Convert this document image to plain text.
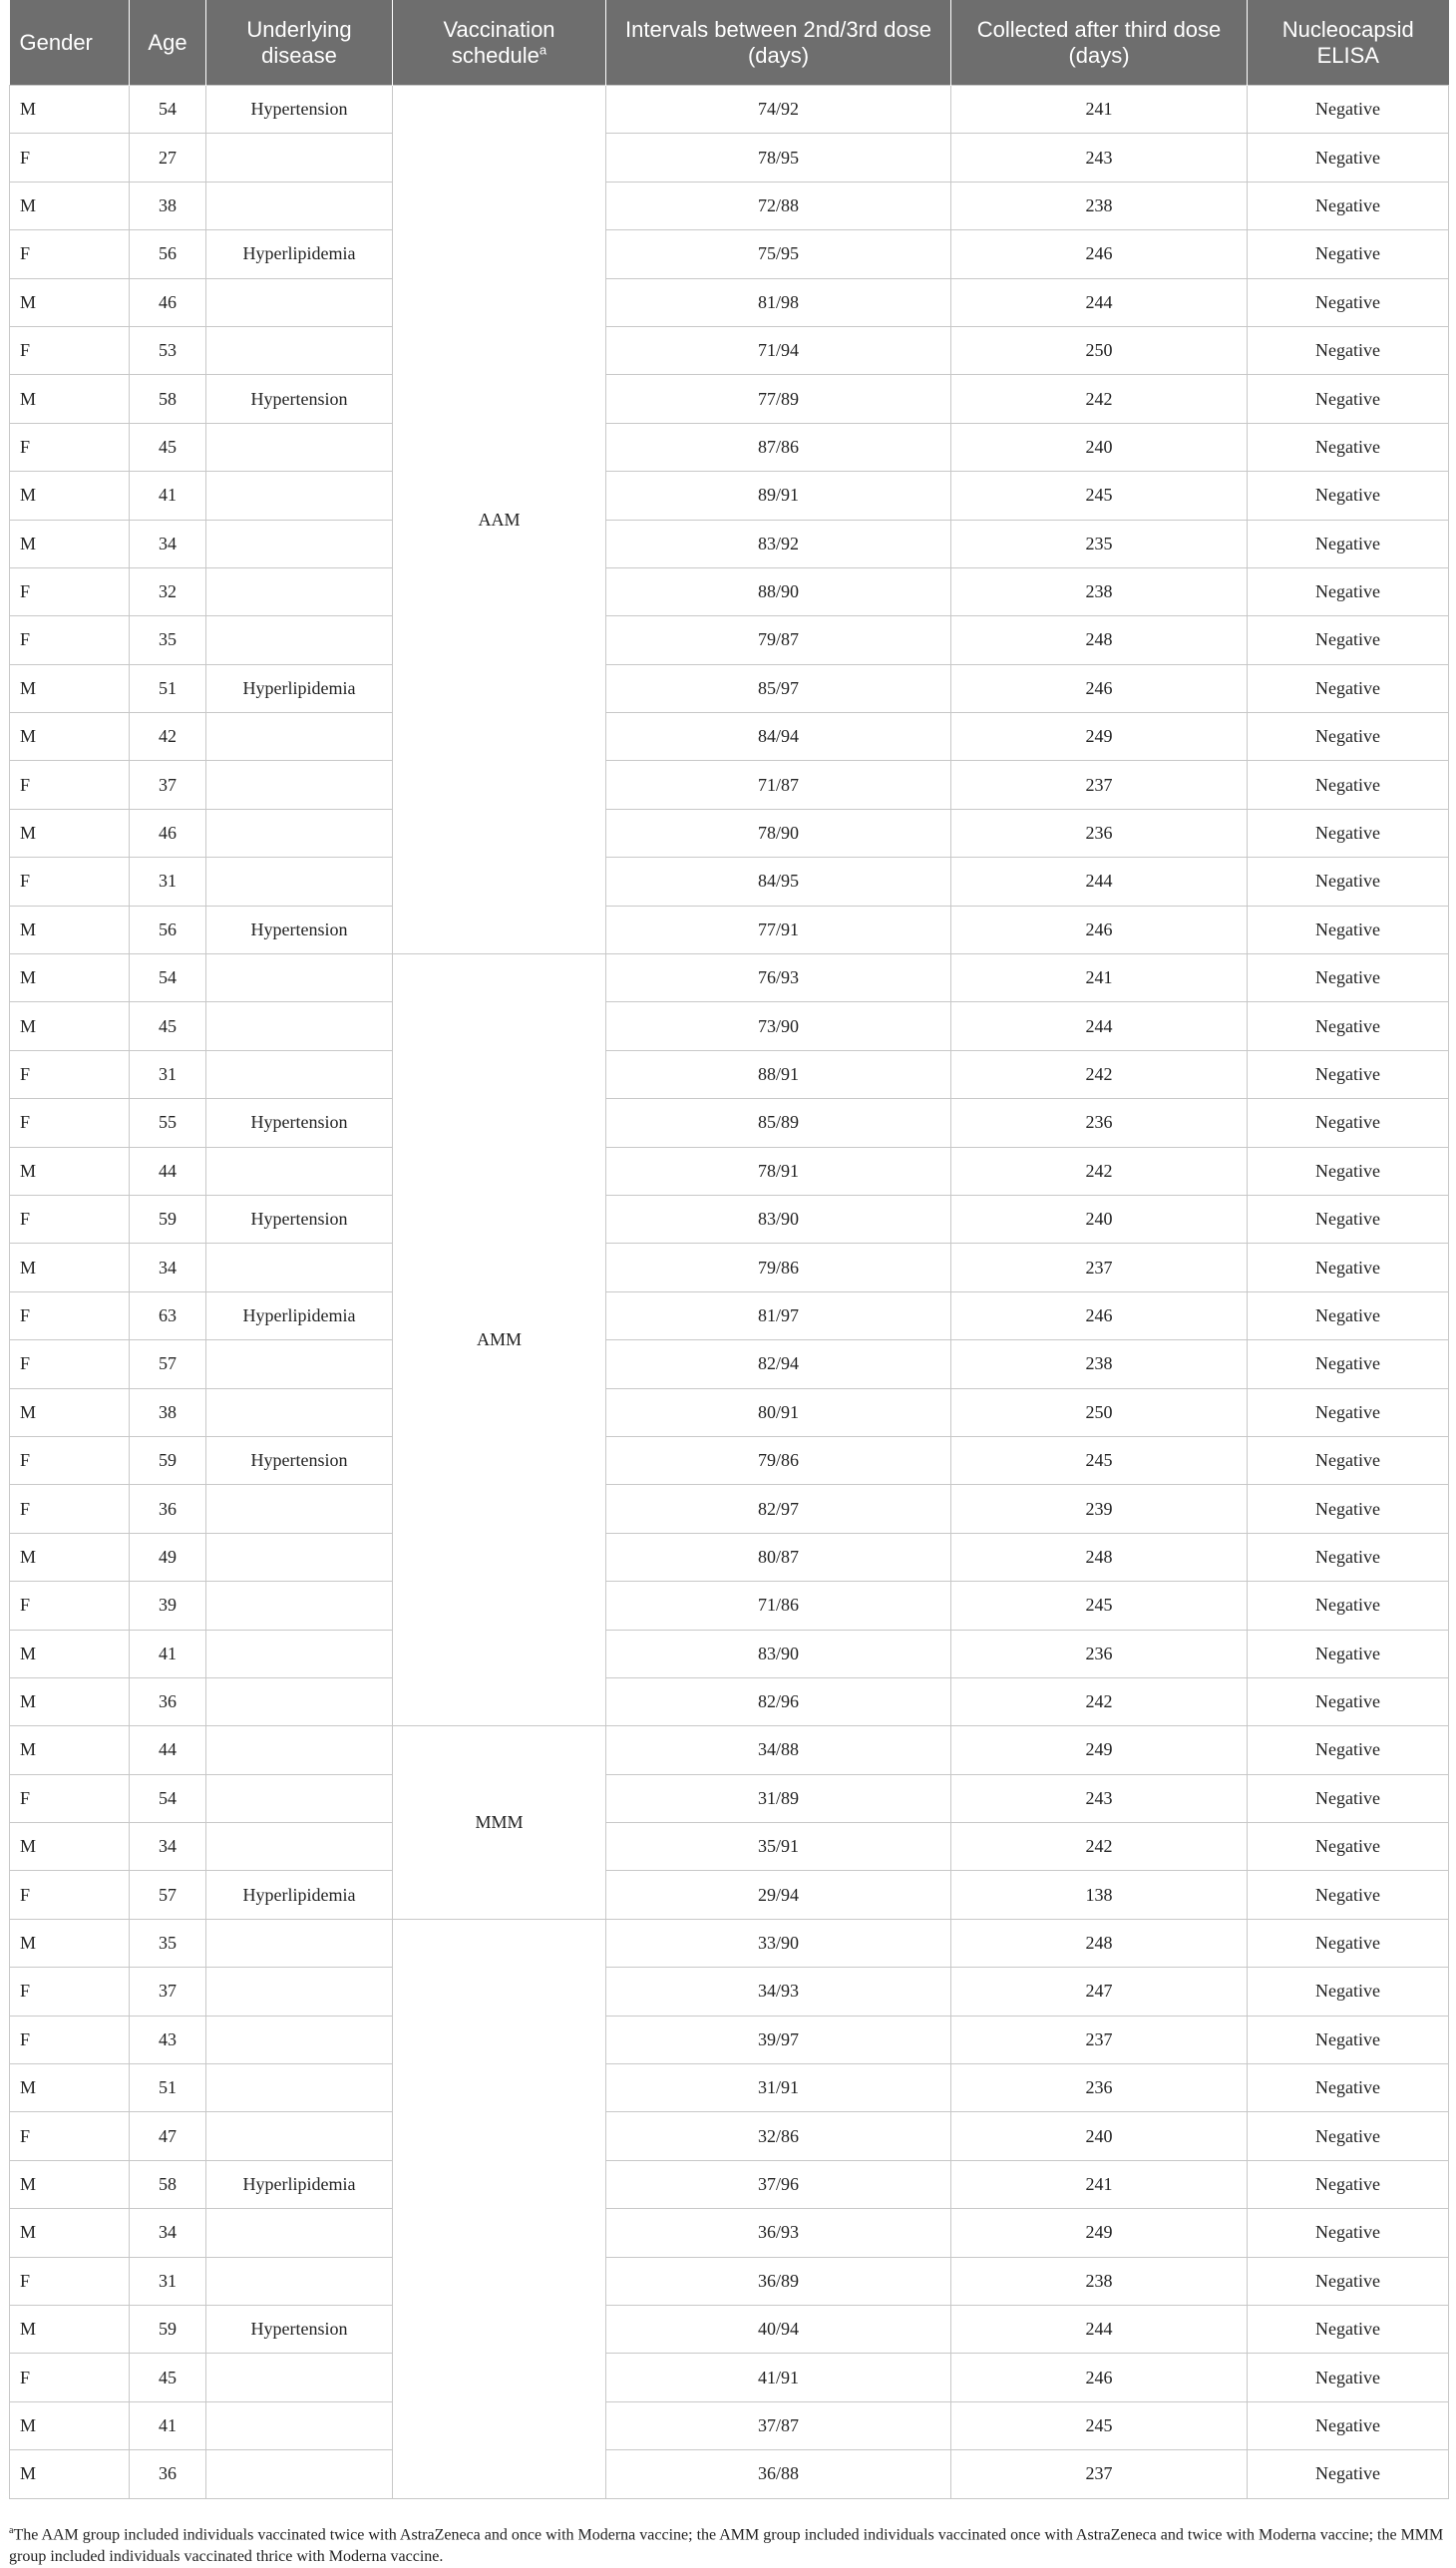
Gender	Age	Underlying disease	Vaccination schedule$^a$	Intervals between 2nd/3rd dose (days)	Collected after third dose (days)	Nucleocapsid ELISA
M	54	Hypertension	AAM	74/92	241	Negative
F	27			78/95	243	Negative
M	38			72/88	238	Negative
F	56	Hyperlipidemia		75/95	246	Negative
M	46			81/98	244	Negative
F	53			71/94	250	Negative
M	58	Hypertension		77/89	242	Negative
F	45			87/86	240	Negative
M	41			89/91	245	Negative
M	34			83/92	235	Negative
F	32			88/90	238	Negative
F	35			79/87	248	Negative
M	51	Hyperlipidemia		85/97	246	Negative
M	42			84/94	249	Negative
F	37			71/87	237	Negative
M	46			78/90	236	Negative
F	31			84/95	244	Negative
M	56	Hypertension		77/91	246	Negative
M	54		AMM	76/93	241	Negative
M	45			73/90	244	Negative
F	31			88/91	242	Negative
F	55	Hypertension		85/89	236	Negative
M	44			78/91	242	Negative
F	59	Hypertension		83/90	240	Negative
M	34			79/86	237	Negative
F	63	Hyperlipidemia		81/97	246	Negative
F	57			82/94	238	Negative
M	38			80/91	250	Negative
F	59	Hypertension		79/86	245	Negative
F	36			82/97	239	Negative
M	49			80/87	248	Negative
F	39			71/86	245	Negative
M	41			83/90	236	Negative
M	36			82/96	242	Negative
M	44		MMM	34/88	249	Negative
F	54			31/89	243	Negative
M	34			35/91	242	Negative
F	57	Hyperlipidemia		29/94	138	Negative
M	35			33/90	248	Negative
F	37			34/93	247	Negative
F	43			39/97	237	Negative
M	51			31/91	236	Negative
F	47			32/86	240	Negative
M	58	Hyperlipidemia		37/96	241	Negative
M	34			36/93	249	Negative
F	31			36/89	238	Negative
M	59	Hypertension		40/94	244	Negative
F	45			41/91	246	Negative
M	41			37/87	245	Negative
M	36			36/88	237	Negative
$^a$The AAM group included individuals vaccinated twice with AstraZeneca and once with Moderna vaccine; the AMM group included individuals vaccinated once with AstraZeneca and twice with Moderna vaccine; the MMM group included individuals vaccinated thrice with Moderna vaccine.
